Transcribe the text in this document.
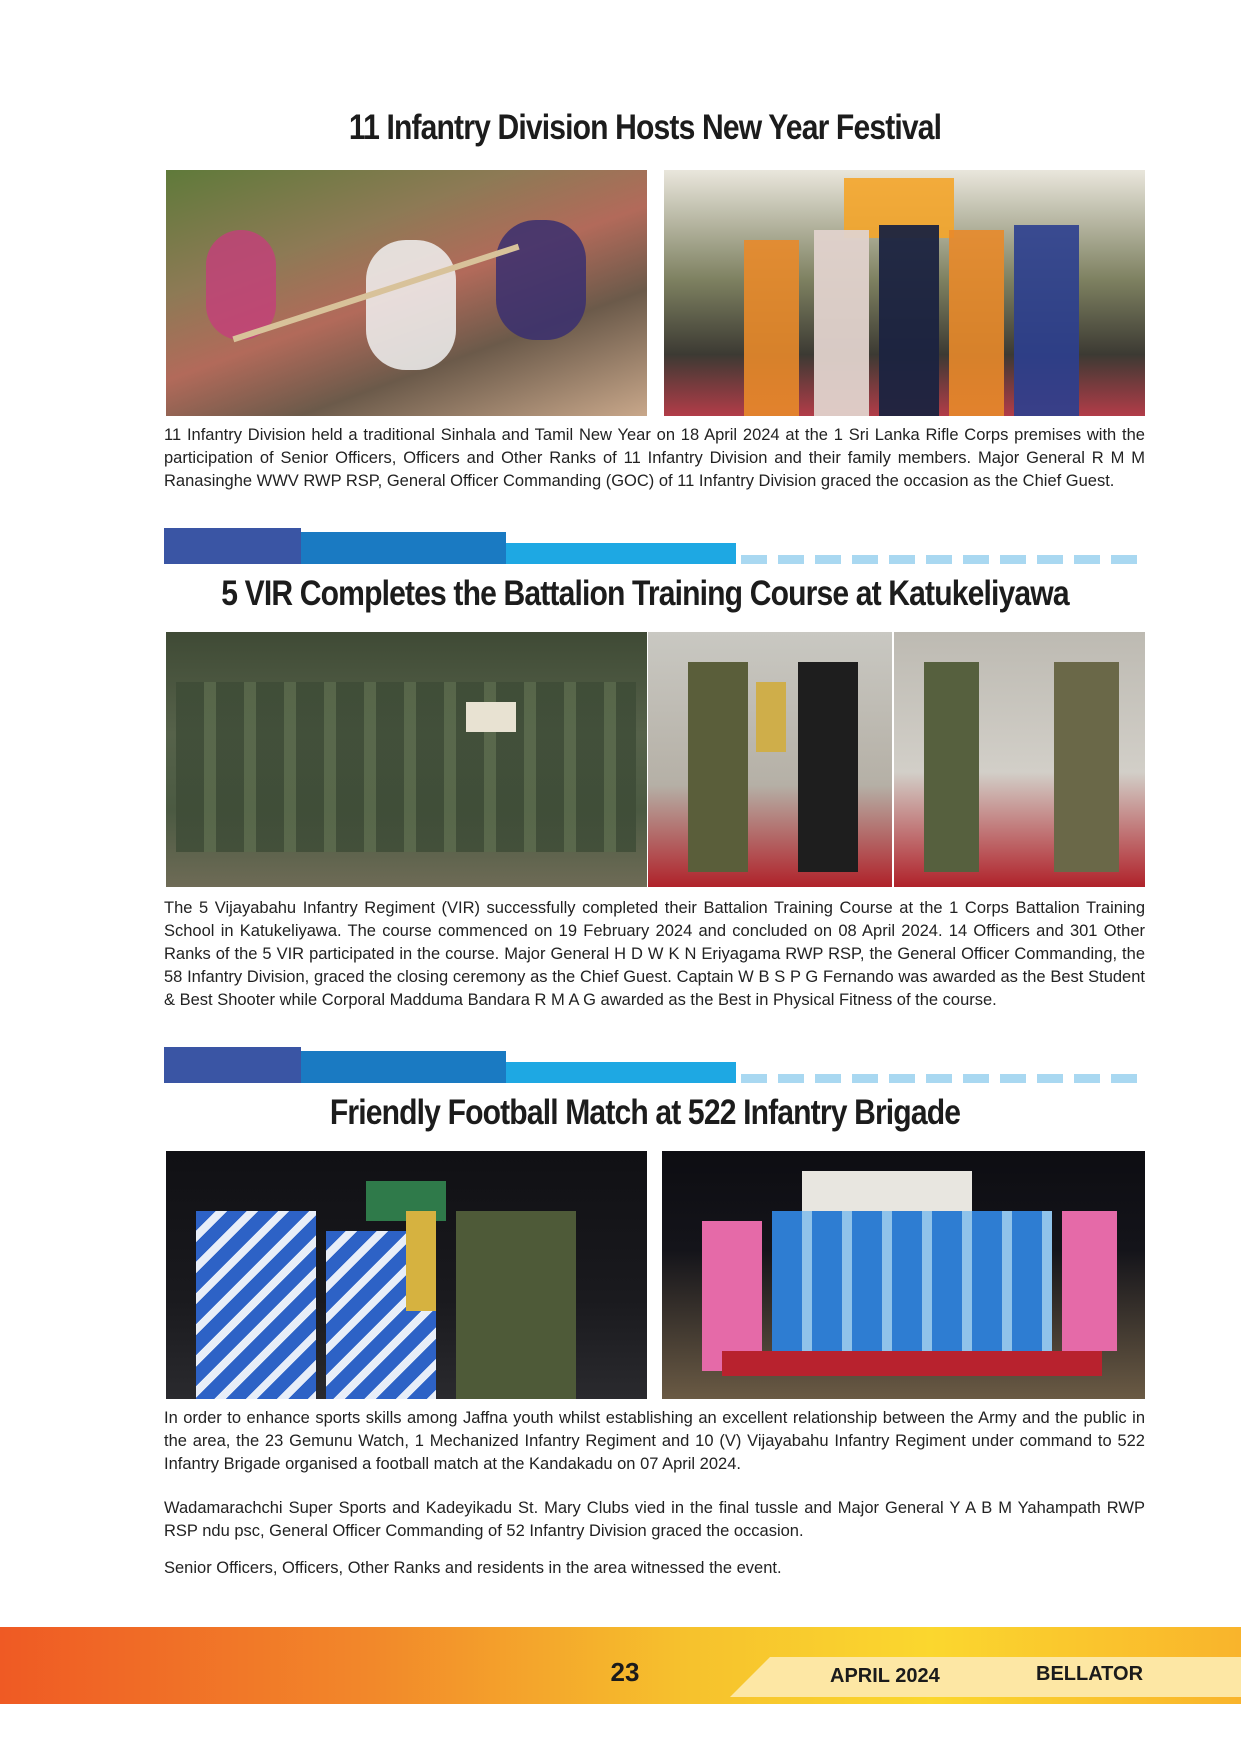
11 Infantry Division Hosts New Year Festival

11 Infantry Division held a traditional Sinhala and Tamil New Year on 18 April 2024 at the 1 Sri Lanka Rifle Corps premises with the participation of Senior Officers, Officers and Other Ranks of 11 Infantry Division and their family members. Major General R M M Ranasinghe WWV RWP RSP, General Officer Commanding (GOC) of 11 Infantry Division graced the occasion as the Chief Guest.

5 VIR Completes the Battalion Training Course at Katukeliyawa

The 5 Vijayabahu Infantry Regiment (VIR) successfully completed their Battalion Training Course at the 1 Corps Battalion Training School in Katukeliyawa. The course commenced on 19 February 2024 and concluded on 08 April 2024. 14 Officers and 301 Other Ranks of the 5 VIR participated in the course. Major General H D W K N Eriyagama RWP RSP, the General Officer Commanding, the 58 Infantry Division, graced the closing ceremony as the Chief Guest. Captain W B S P G Fernando was awarded as the Best Student & Best Shooter while Corporal Madduma Bandara R M A G awarded as the Best in Physical Fitness of the course.

Friendly Football Match at 522 Infantry Brigade

In order to enhance sports skills among Jaffna youth whilst establishing an excellent relationship between the Army and the public in the area, the 23 Gemunu Watch, 1 Mechanized Infantry Regiment and 10 (V) Vijayabahu Infantry Regiment under command to 522 Infantry Brigade organised a football match at the Kandakadu on 07 April 2024.

Wadamarachchi Super Sports and Kadeyikadu St. Mary Clubs vied in the final tussle and Major General Y A B M Yahampath RWP RSP ndu psc, General Officer Commanding of 52 Infantry Division graced the occasion.

Senior Officers, Officers, Other Ranks and residents in the area witnessed the event.

23	APRIL 2024	BELLATOR
